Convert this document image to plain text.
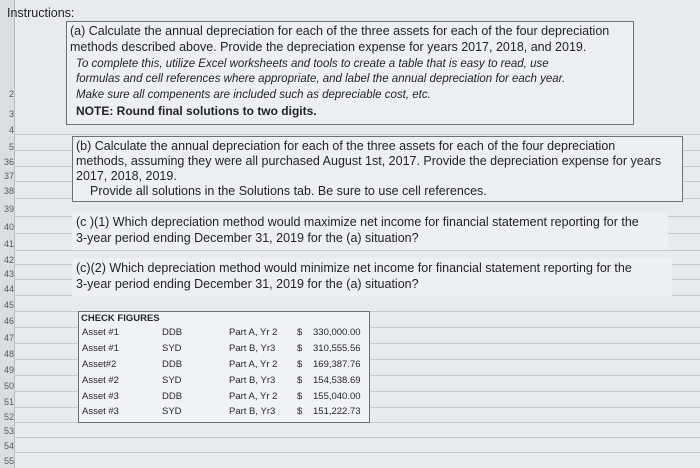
2
3
4
5
36
37
38
39
40
41
42
43
44
45
46
47
48
49
50
51
52
53
54
55
Instructions:
(a) Calculate the annual depreciation for each of the three assets for each of the four depreciation
methods described above. Provide the depreciation expense for years 2017, 2018, and 2019.
To complete this, utilize Excel worksheets and tools to create a table that is easy to read, use
formulas and cell references where appropriate, and label the annual depreciation for each year.
Make sure all compenents are included such as depreciable cost, etc.
NOTE: Round final solutions to two digits.
(b) Calculate the annual depreciation for each of the three assets for each of the four depreciation
methods, assuming they were all purchased August 1st, 2017. Provide the depreciation expense for years
2017, 2018, 2019.
Provide all solutions in the Solutions tab. Be sure to use cell references.
(c )(1) Which depreciation method would maximize net income for financial statement reporting for the
3-year period ending December 31, 2019 for the (a) situation?
(c)(2) Which depreciation method would minimize net income for financial statement reporting for the
3-year period ending December 31, 2019 for the (a) situation?
CHECK FIGURES
Asset #1	DDB	Part A, Yr 2 $ 330,000.00
Asset #1	SYD	Part B, Yr3 $ 310,555.56
Asset#2	DDB	Part A, Yr 2 $ 169,387.76
Asset #2	SYD	Part B, Yr3 $ 154,538.69
Asset #3	DDB	Part A, Yr 2 $ 155,040.00
Asset #3	SYD	Part B, Yr3 $ 151,222.73
